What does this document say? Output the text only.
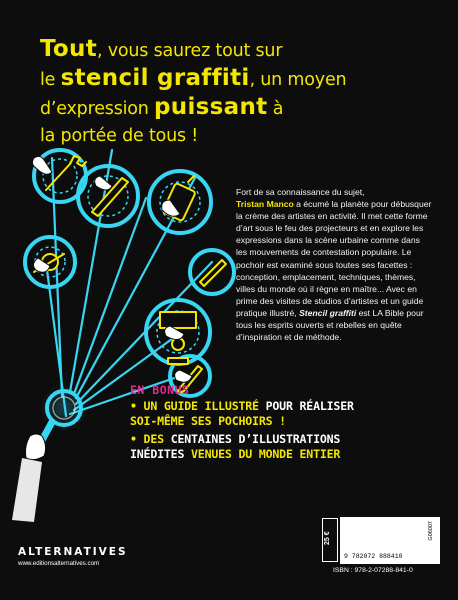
Tout, vous saurez tout sur
le stencil graffiti, un moyen
d’expression puissant à
la portée de tous !
Fort de sa connaissance du sujet,
Tristan Manco a écumé la planète pour débusquer la crème des artistes en activité. Il met cette forme d’art sous le feu des projecteurs et en explore les expressions dans la scène urbaine comme dans les mouvements de contestation populaire. Le pochoir est examiné sous toutes ses facettes : conception, emplacement, techniques, thèmes, villes du monde où il règne en maître... Avec en prime des visites de studios d’artistes et un guide pratique illustré, Stencil graffiti est LA Bible pour tous les esprits ouverts et rebelles en quête d’inspiration et de méthode.
EN BONUS
• UN GUIDE ILLUSTRÉ POUR RÉALISER
SOI-MÊME SES POCHOIRS !
• DES CENTAINES D’ILLUSTRATIONS
INÉDITES VENUES DU MONDE ENTIER
ALTERNATIVES
www.editionsalternatives.com
25 €
9 782072 888410
G06007
ISBN : 978-2-07288-841-0
